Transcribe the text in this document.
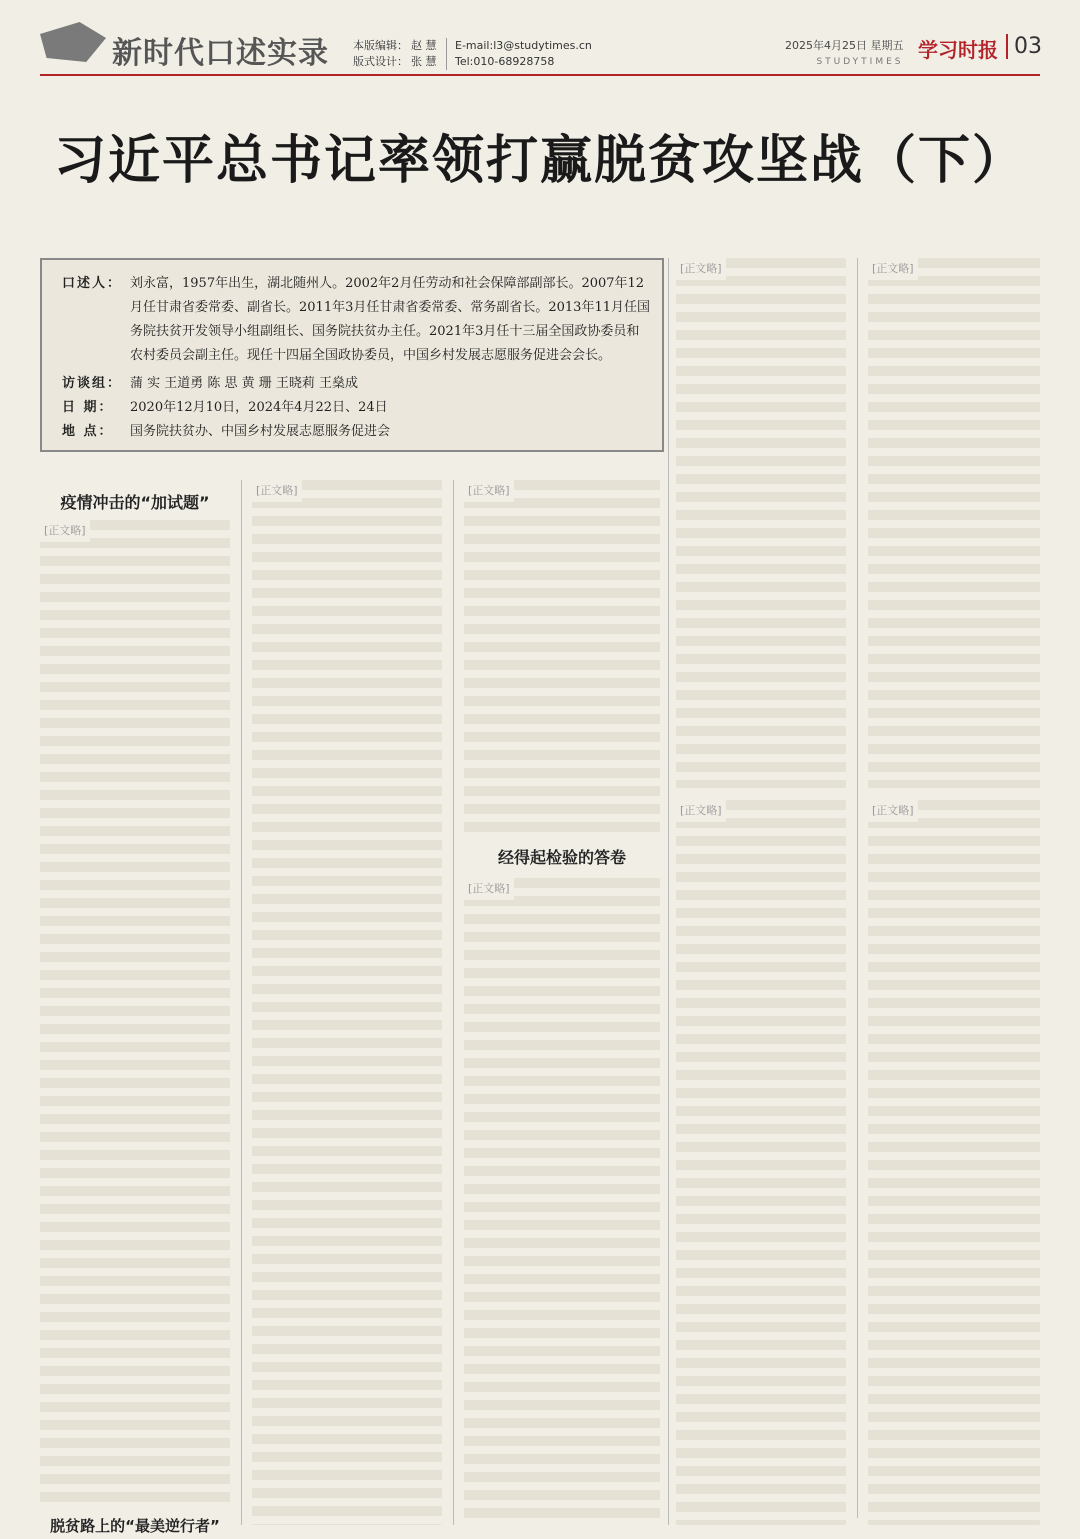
新时代口述实录 本版编辑： 赵 慧
版式设计： 张 慧
E-mail:l3@studytimes.cn
Tel:010-68928758
2025年4月25日 星期五
STUDYTIMES 学习时报 03
习近平总书记率领打赢脱贫攻坚战（下）
口述人： 刘永富，1957年出生，湖北随州人。2002年2月任劳动和社会保障部副部长。2007年12月任甘肃省委常委、副省长。2011年3月任甘肃省委常委、常务副省长。2013年11月任国务院扶贫开发领导小组副组长、国务院扶贫办主任。2021年3月任十三届全国政协委员和农村委员会副主任。现任十四届全国政协委员，中国乡村发展志愿服务促进会会长。
访谈组： 蒲 实 王道勇 陈 思 黄 珊 王晓莉 王燊成
日 期： 2020年12月10日，2024年4月22日、24日
地 点： 国务院扶贫办、中国乡村发展志愿服务促进会
[正文略]	[正文略]
疫情冲击的“加试题”
[正文略]
脱贫路上的“最美逆行者”
[正文略]	[正文略]
经得起检验的答卷
[正文略]
[正文略]	[正文略]
